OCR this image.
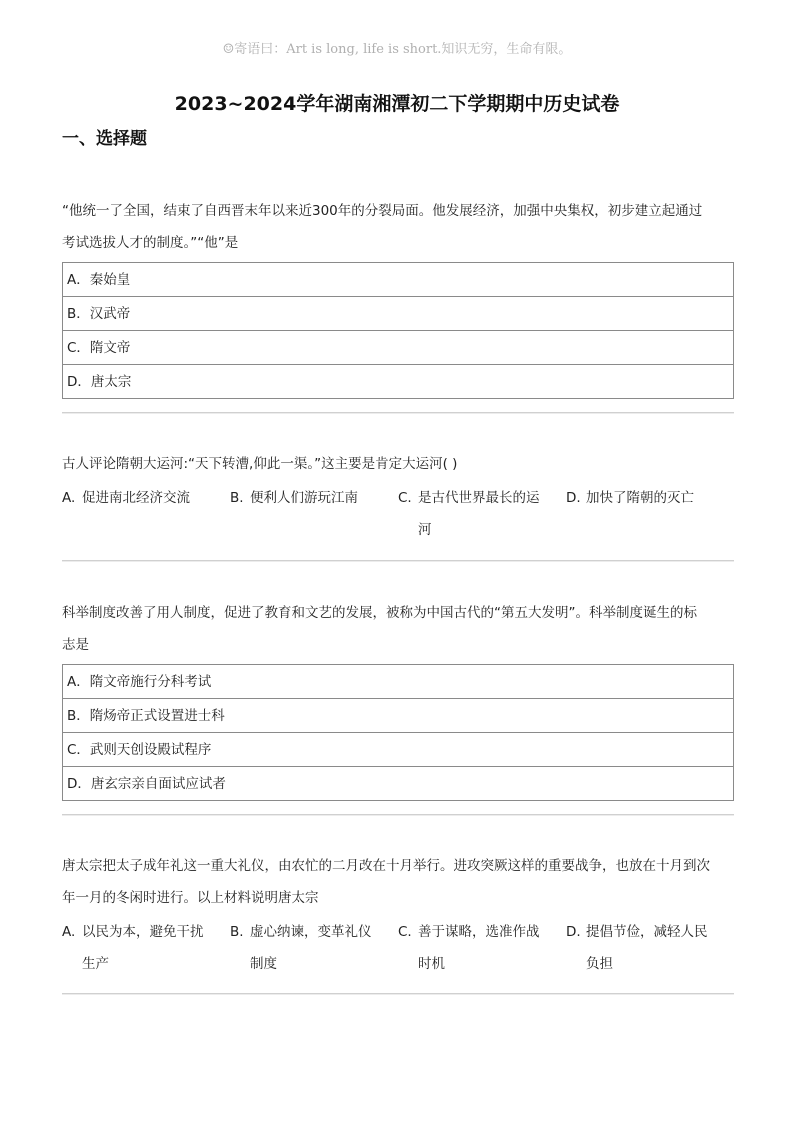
☺寄语曰：Art is long, life is short.知识无穷，生命有限。
2023~2024学年湖南湘潭初二下学期期中历史试卷
一、选择题
“他统一了全国，结束了自西晋末年以来近300年的分裂局面。他发展经济，加强中央集权，初步建立起通过
考试选拔人才的制度。”“他”是
A．秦始皇
B．汉武帝
C．隋文帝
D．唐太宗
古人评论隋朝大运河:“天下转漕,仰此一渠。”这主要是肯定大运河( )
A. 促进南北经济交流	B. 便利人们游玩江南	C. 是古代世界最长的运河
D. 加快了隋朝的灭亡
科举制度改善了用人制度，促进了教育和文艺的发展，被称为中国古代的“第五大发明”。科举制度诞生的标
志是
A．隋文帝施行分科考试
B．隋炀帝正式设置进士科
C．武则天创设殿试程序
D．唐玄宗亲自面试应试者
唐太宗把太子成年礼这一重大礼仪，由农忙的二月改在十月举行。进攻突厥这样的重要战争，也放在十月到次
年一月的冬闲时进行。以上材料说明唐太宗
A. 以民为本，避免干扰生产
B. 虚心纳谏，变革礼仪制度
C. 善于谋略，选准作战时机
D. 提倡节俭，减轻人民负担
